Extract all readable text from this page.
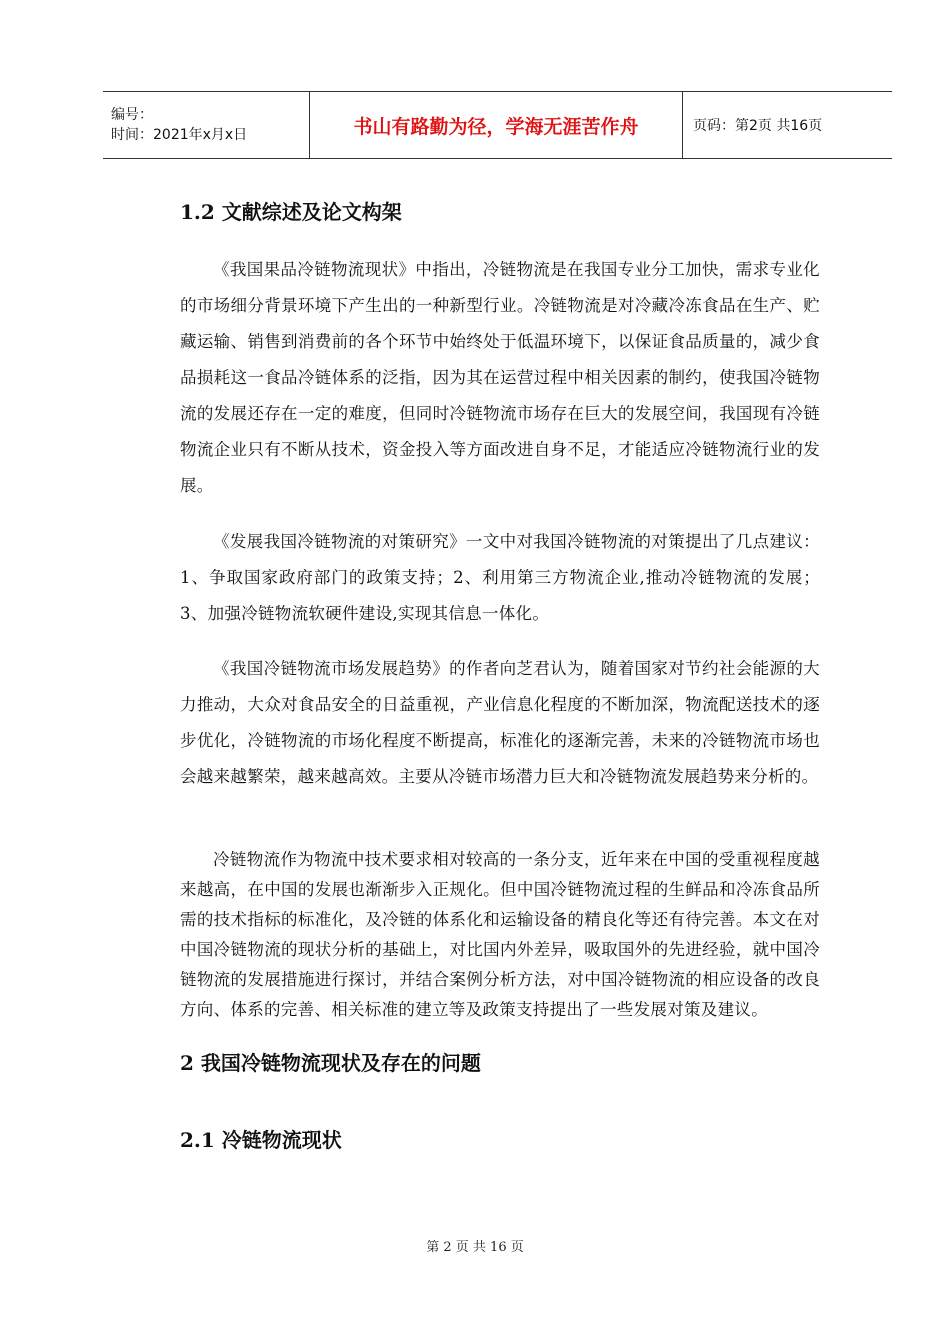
编号：
时间：2021年x月x日	书山有路勤为径，学海无涯苦作舟	页码：第2页 共16页
1.2 文献综述及论文构架

《我国果品冷链物流现状》中指出，冷链物流是在我国专业分工加快，需求专业化的市场细分背景环境下产生出的一种新型行业。冷链物流是对冷藏冷冻食品在生产、贮藏运输、销售到消费前的各个环节中始终处于低温环境下，以保证食品质量的，减少食品损耗这一食品冷链体系的泛指，因为其在运营过程中相关因素的制约，使我国冷链物流的发展还存在一定的难度，但同时冷链物流市场存在巨大的发展空间，我国现有冷链物流企业只有不断从技术，资金投入等方面改进自身不足，才能适应冷链物流行业的发展。

《发展我国冷链物流的对策研究》一文中对我国冷链物流的对策提出了几点建议：1、争取国家政府部门的政策支持；2、利用第三方物流企业,推动冷链物流的发展；3、加强冷链物流软硬件建设,实现其信息一体化。

《我国冷链物流市场发展趋势》的作者向芝君认为，随着国家对节约社会能源的大力推动，大众对食品安全的日益重视，产业信息化程度的不断加深，物流配送技术的逐步优化，冷链物流的市场化程度不断提高，标准化的逐渐完善，未来的冷链物流市场也会越来越繁荣，越来越高效。主要从冷链市场潜力巨大和冷链物流发展趋势来分析的。

冷链物流作为物流中技术要求相对较高的一条分支，近年来在中国的受重视程度越来越高，在中国的发展也渐渐步入正规化。但中国冷链物流过程的生鲜品和冷冻食品所需的技术指标的标准化，及冷链的体系化和运输设备的精良化等还有待完善。本文在对中国冷链物流的现状分析的基础上，对比国内外差异，吸取国外的先进经验，就中国冷链物流的发展措施进行探讨，并结合案例分析方法，对中国冷链物流的相应设备的改良方向、体系的完善、相关标准的建立等及政策支持提出了一些发展对策及建议。

2 我国冷链物流现状及存在的问题
2.1 冷链物流现状
第 2 页 共 16 页
